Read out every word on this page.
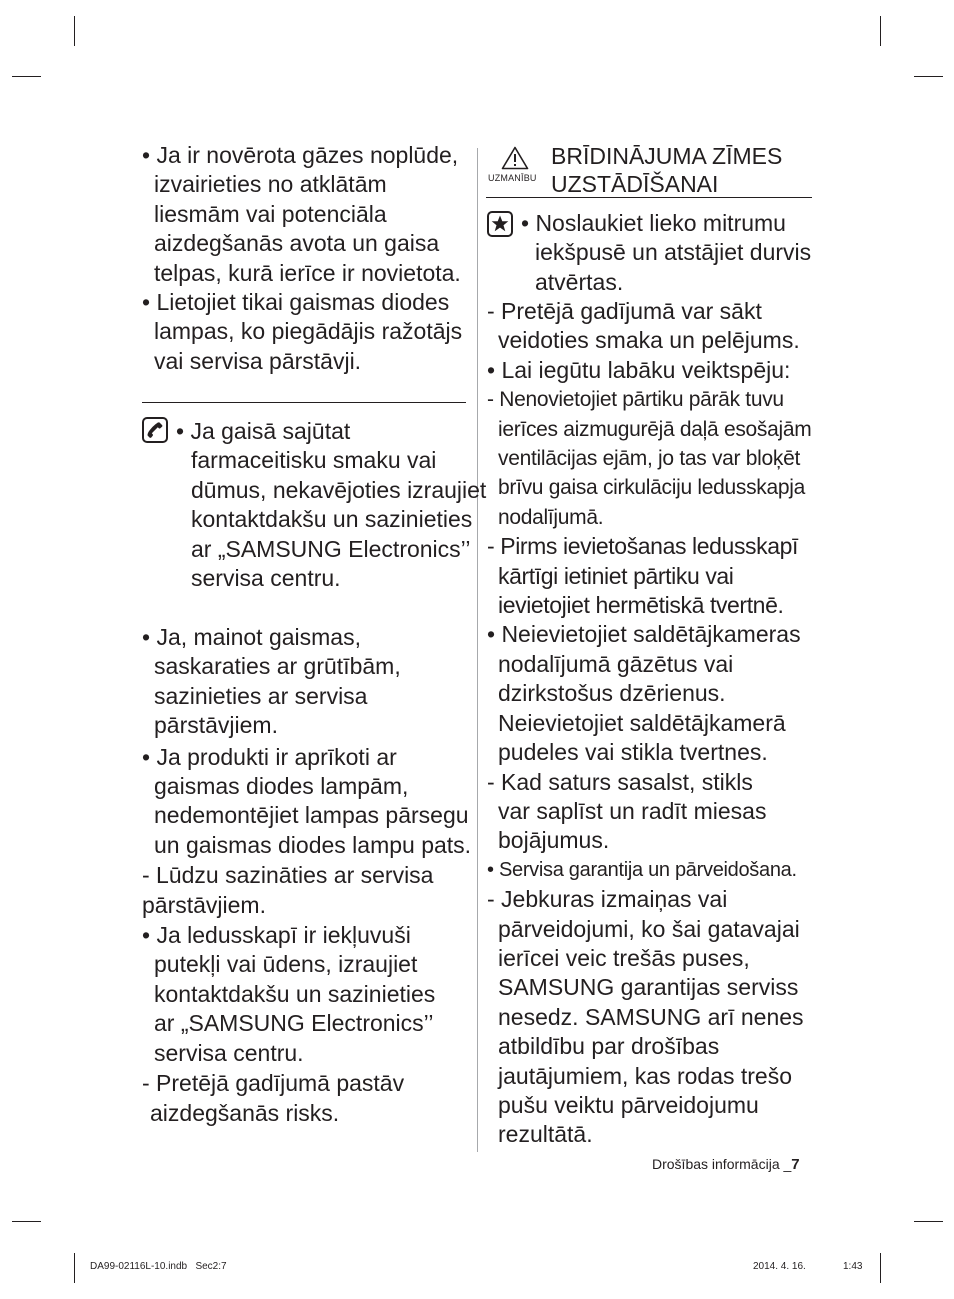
• Ja ir novērota gāzes noplūde, izvairieties no atklātām liesmām vai potenciāla aizdegšanās avota un gaisa telpas, kurā ierīce ir novietota.

• Lietojiet tikai gaismas diodes lampas, ko piegādājis ražotājs vai servisa pārstāvji.

• Ja gaisā sajūtat farmaceitisku smaku vai dūmus, nekavējoties izraujiet kontaktdakšu un sazinieties ar „SAMSUNG Electronics’’ servisa centru.

• Ja, mainot gaismas, saskaraties ar grūtībām, sazinieties ar servisa pārstāvjiem.

• Ja produkti ir aprīkoti ar gaismas diodes lampām, nedemontējiet lampas pārsegu un gaismas diodes lampu pats.

- Lūdzu sazināties ar servisa pārstāvjiem.

• Ja ledusskapī ir iekļuvuši putekļi vai ūdens, izraujiet kontaktdakšu un sazinieties ar „SAMSUNG Electronics’’ servisa centru.

- Pretējā gadījumā pastāv aizdegšanās risks.

UZMANĪBU
BRĪDINĀJUMA ZĪMES
UZSTĀDĪŠANAI

• Noslaukiet lieko mitrumu iekšpusē un atstājiet durvis atvērtas.

- Pretējā gadījumā var sākt veidoties smaka un pelējums.

• Lai iegūtu labāku veiktspēju:

- Nenovietojiet pārtiku pārāk tuvu ierīces aizmugurējā daļā esošajām ventilācijas ejām, jo tas var bloķēt brīvu gaisa cirkulāciju ledusskapja nodalījumā.

- Pirms ievietošanas ledusskapī kārtīgi ietiniet pārtiku vai ievietojiet hermētiskā tvertnē.

• Neievietojiet saldētājkameras nodalījumā gāzētus vai dzirkstošus dzērienus. Neievietojiet saldētājkamerā pudeles vai stikla tvertnes.

- Kad saturs sasalst, stikls var saplīst un radīt miesas bojājumus.

• Servisa garantija un pārveidošana.

- Jebkuras izmaiņas vai pārveidojumi, ko šai gatavajai ierīcei veic trešās puses, SAMSUNG garantijas serviss nesedz. SAMSUNG arī nenes atbildību par drošības jautājumiem, kas rodas trešo pušu veiktu pārveidojumu rezultātā.

Drošības informācija _7
DA99-02116L-10.indb   Sec2:7	2014. 4. 16.	1:43
